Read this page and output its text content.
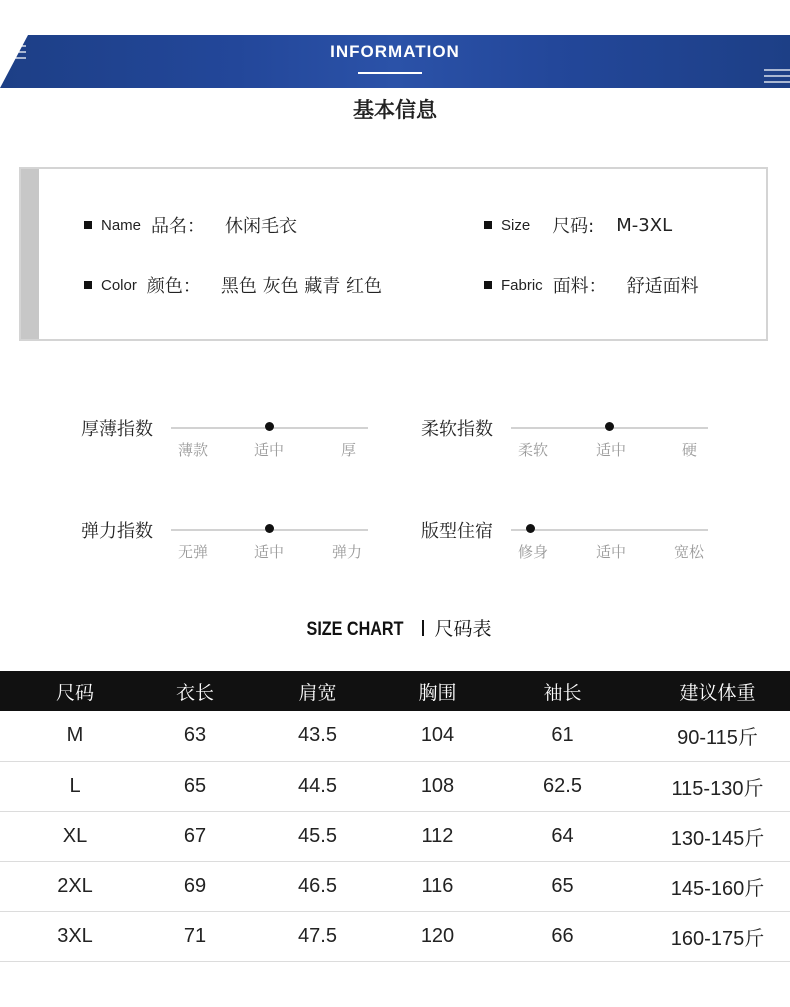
INFORMATION
基本信息
Name 品名： 休闲毛衣	Size 尺码: M-3XL
Color 颜色： 黑色 灰色 藏青 红色	Fabric 面料： 舒适面料
厚薄指数
薄款	适中	厚
柔软指数
柔软	适中	硬
弹力指数
无弹	适中	弹力
版型住宿
修身	适中	宽松
SIZE CHART 尺码表
尺码	衣长	肩宽	胸围	袖长	建议体重
M	63	43.5	104	61	90-115斤
L	65	44.5	108	62.5	115-130斤
XL	67	45.5	112	64	130-145斤
2XL	69	46.5	116	65	145-160斤
3XL	71	47.5	120	66	160-175斤
